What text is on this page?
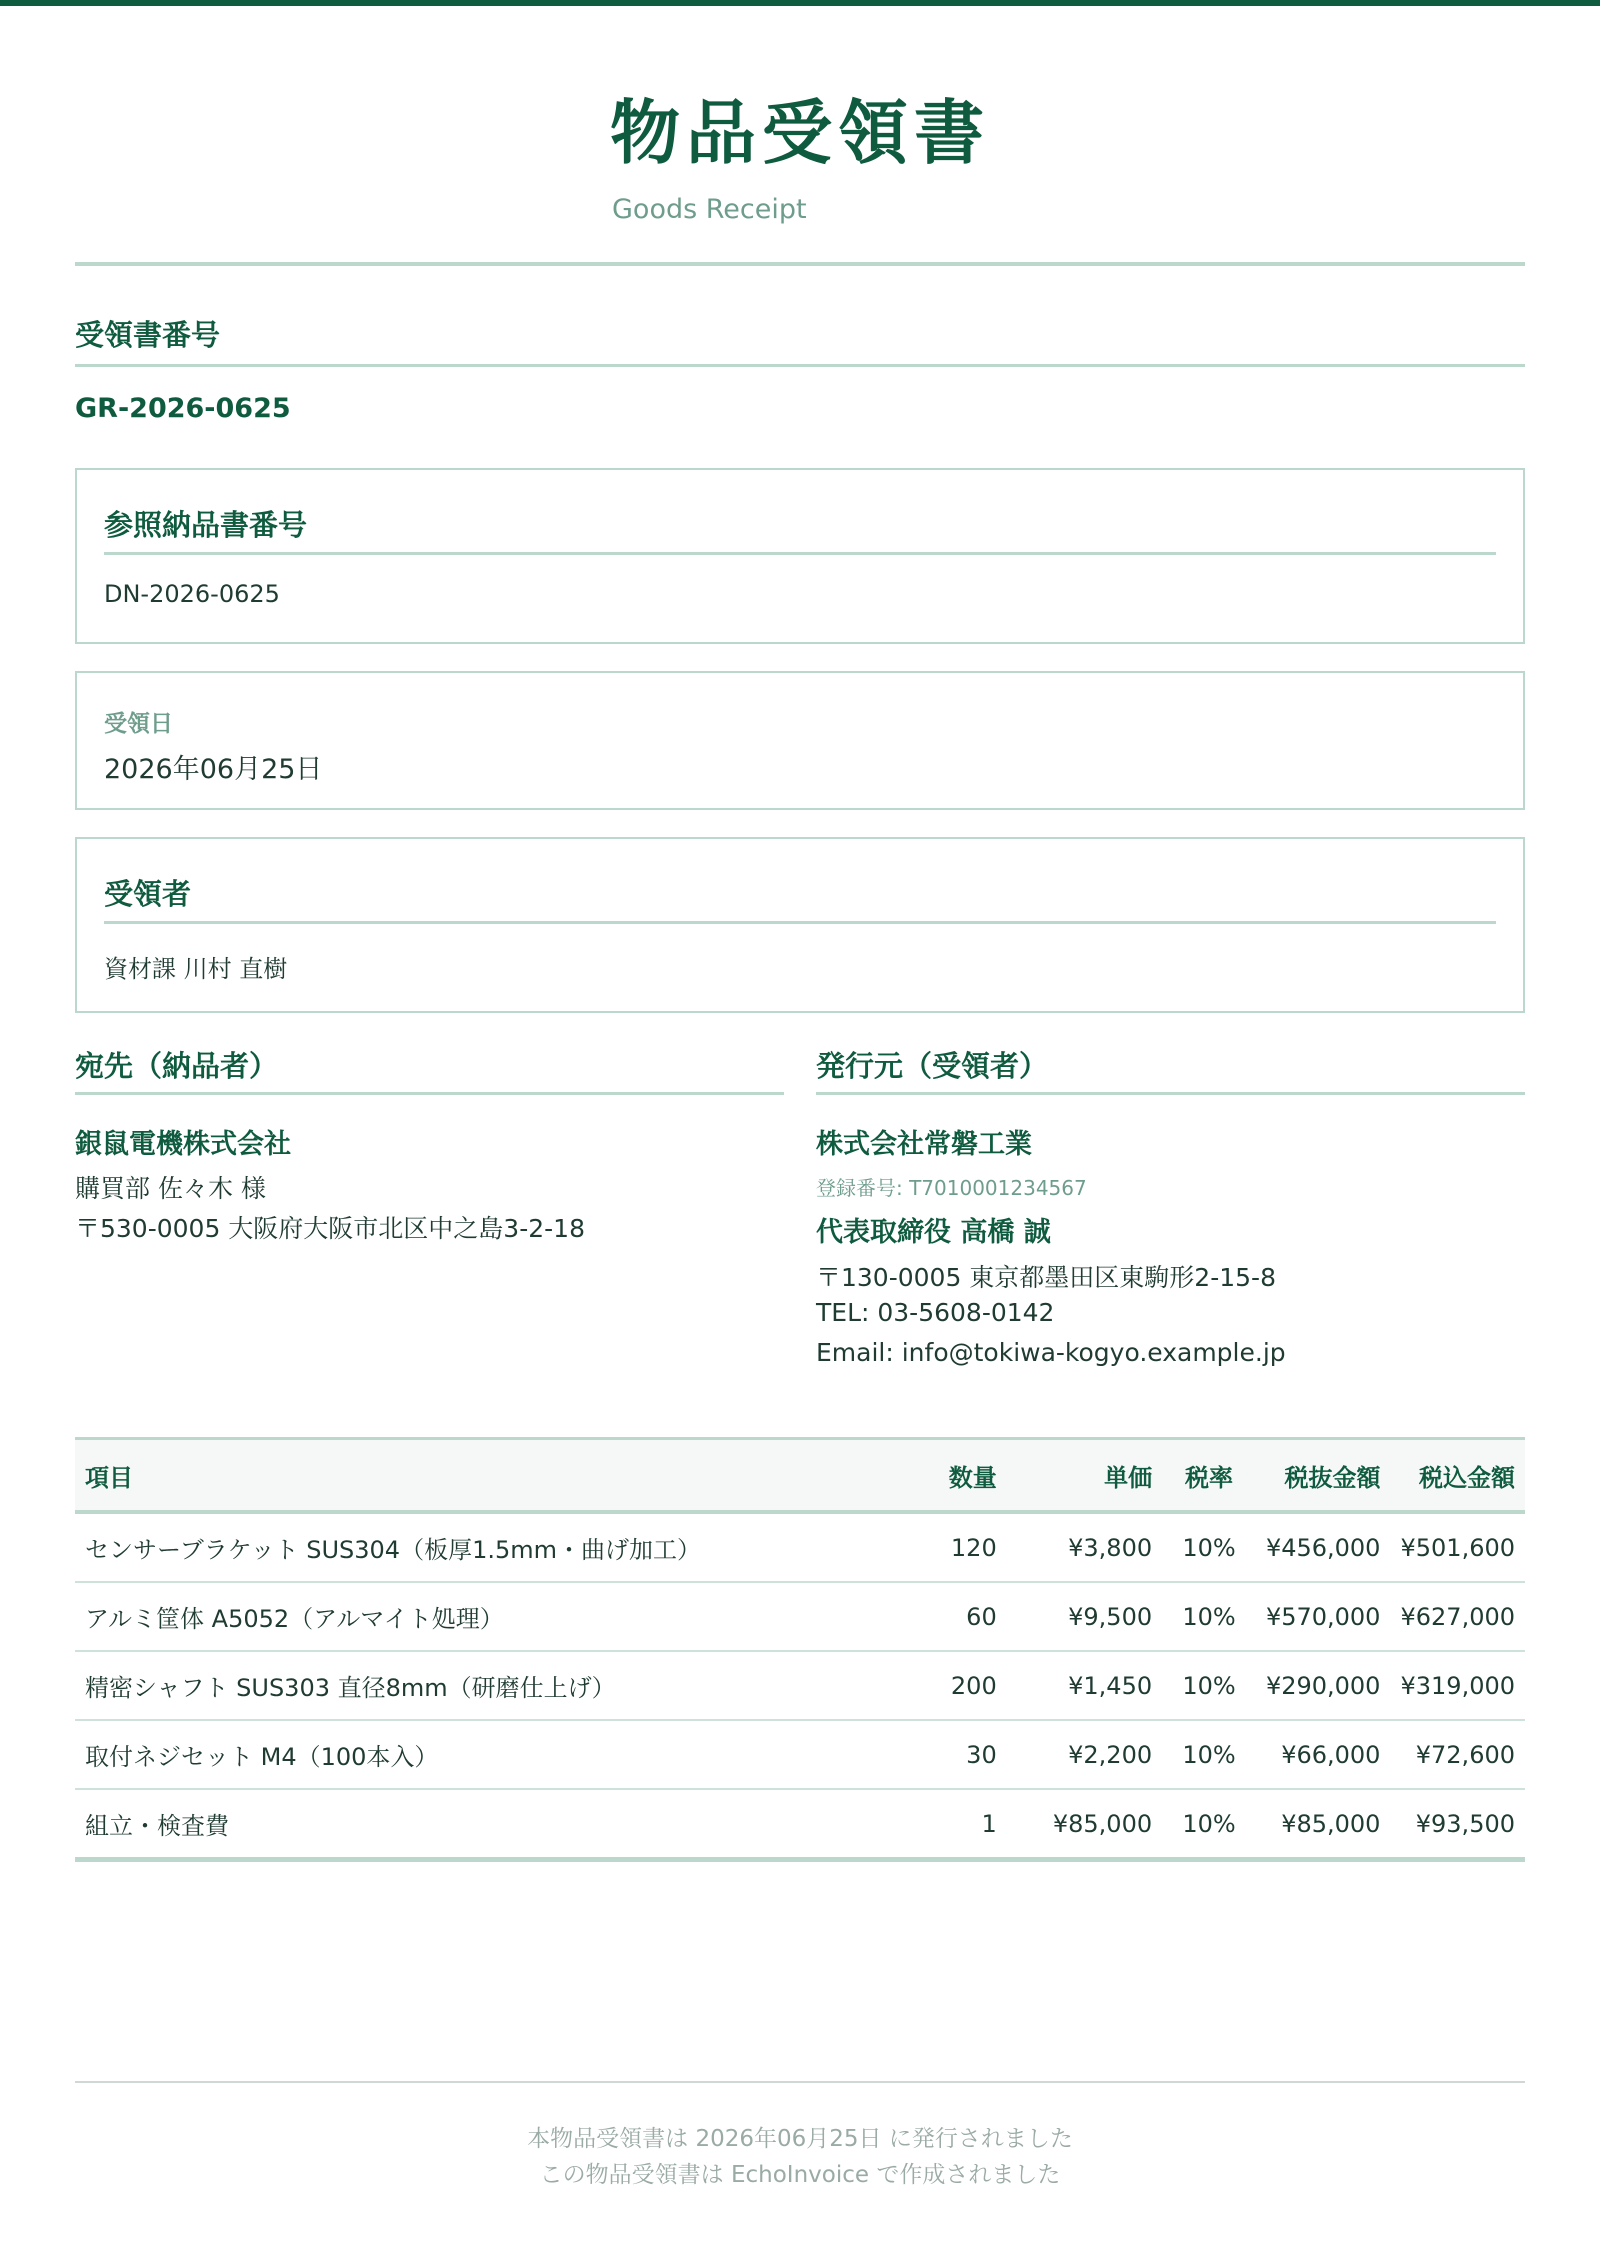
物品受領書
Goods Receipt
受領書番号
GR-2026-0625
参照納品書番号
DN-2026-0625
受領日
2026年06月25日
受領者
資材課 川村 直樹
宛先（納品者）
銀鼠電機株式会社
購買部 佐々木 様
〒530-0005 大阪府大阪市北区中之島3-2-18
発行元（受領者）
株式会社常磐工業
登録番号: T7010001234567
代表取締役 高橋 誠
〒130-0005 東京都墨田区東駒形2-15-8
TEL: 03-5608-0142
Email: info@tokiwa-kogyo.example.jp
項目	数量	単価	税率	税抜金額	税込金額
センサーブラケット SUS304（板厚1.5mm・曲げ加工）	120	¥3,800	10%	¥456,000	¥501,600
アルミ筐体 A5052（アルマイト処理）	60	¥9,500	10%	¥570,000	¥627,000
精密シャフト SUS303 直径8mm（研磨仕上げ）	200	¥1,450	10%	¥290,000	¥319,000
取付ネジセット M4（100本入）	30	¥2,200	10%	¥66,000	¥72,600
組立・検査費	1	¥85,000	10%	¥85,000	¥93,500
本物品受領書は 2026年06月25日 に発行されました
この物品受領書は EchoInvoice で作成されました
